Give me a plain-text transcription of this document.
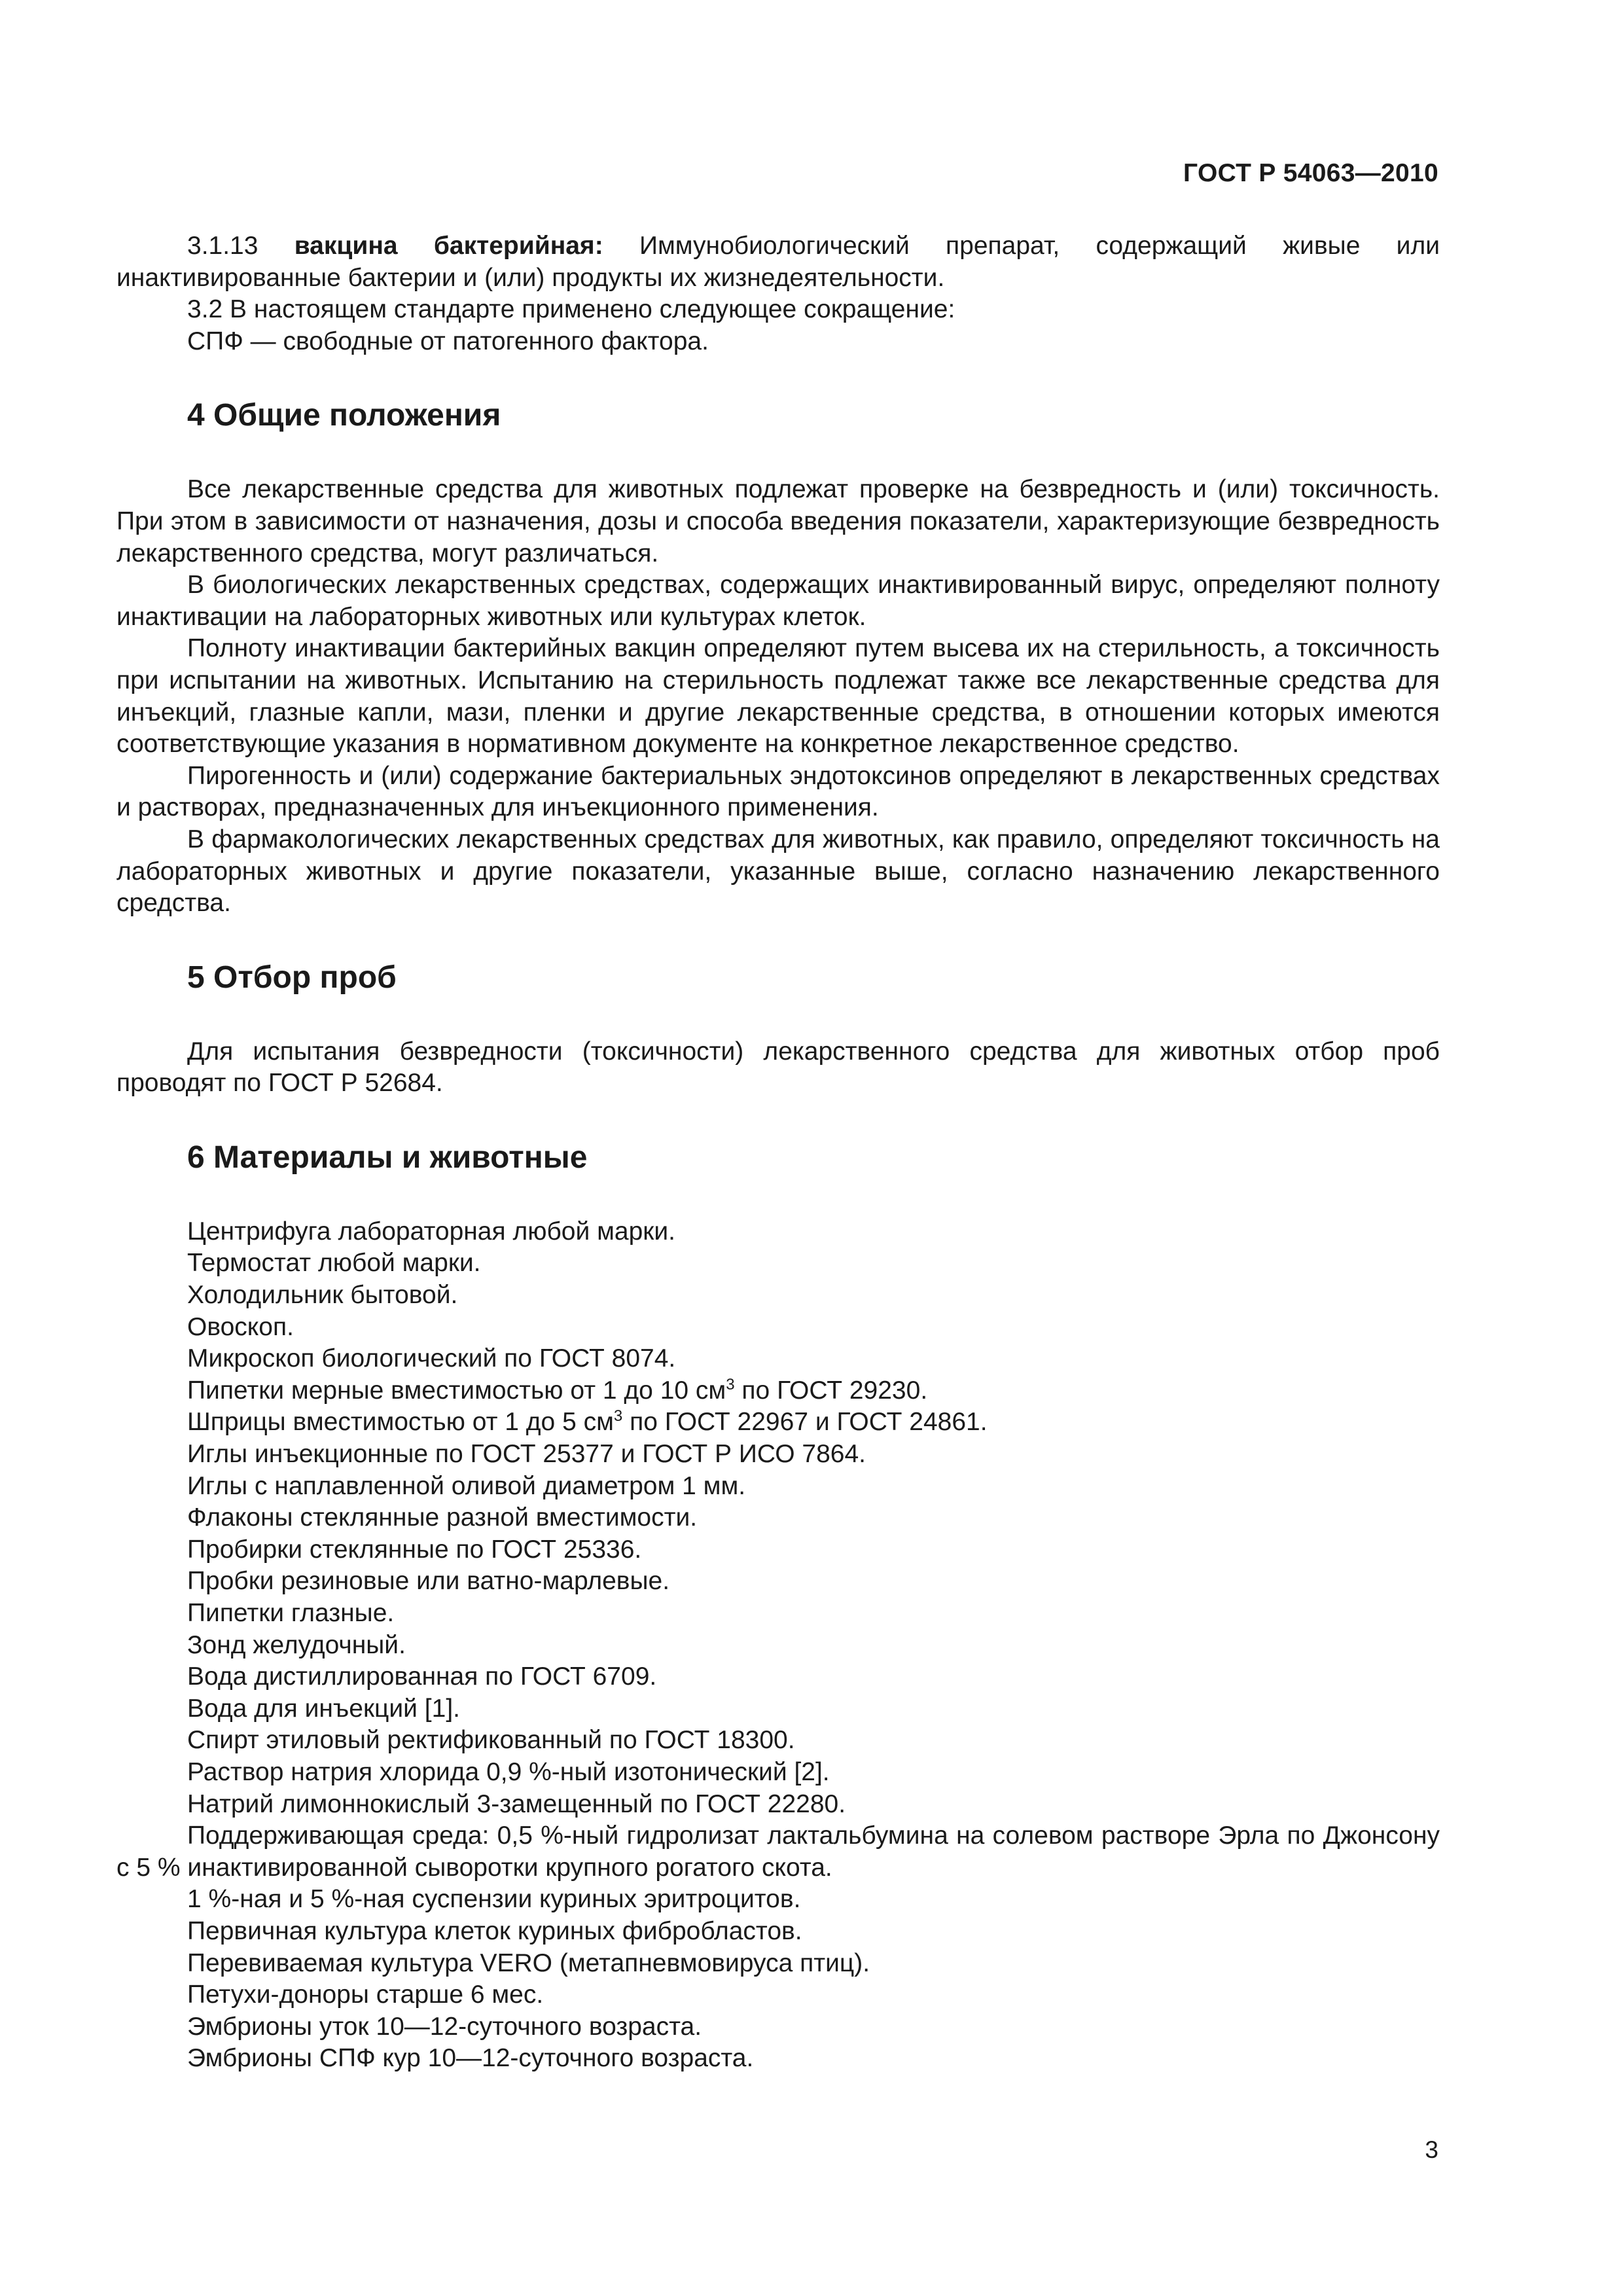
ГОСТ Р 54063—2010

3.1.13 вакцина бактерийная: Иммунобиологический препарат, содержащий живые или инактивированные бактерии и (или) продукты их жизнедеятельности.

3.2 В настоящем стандарте применено следующее сокращение:

СПФ — свободные от патогенного фактора.

4 Общие положения

Все лекарственные средства для животных подлежат проверке на безвредность и (или) токсичность. При этом в зависимости от назначения, дозы и способа введения показатели, характеризующие безвредность лекарственного средства, могут различаться.

В биологических лекарственных средствах, содержащих инактивированный вирус, определяют полноту инактивации на лабораторных животных или культурах клеток.

Полноту инактивации бактерийных вакцин определяют путем высева их на стерильность, а токсичность при испытании на животных. Испытанию на стерильность подлежат также все лекарственные средства для инъекций, глазные капли, мази, пленки и другие лекарственные средства, в отношении которых имеются соответствующие указания в нормативном документе на конкретное лекарственное средство.

Пирогенность и (или) содержание бактериальных эндотоксинов определяют в лекарственных средствах и растворах, предназначенных для инъекционного применения.

В фармакологических лекарственных средствах для животных, как правило, определяют токсичность на лабораторных животных и другие показатели, указанные выше, согласно назначению лекарственного средства.

5 Отбор проб

Для испытания безвредности (токсичности) лекарственного средства для животных отбор проб проводят по ГОСТ Р 52684.

6 Материалы и животные

Центрифуга лабораторная любой марки.

Термостат любой марки.

Холодильник бытовой.

Овоскоп.

Микроскоп биологический по ГОСТ 8074.

Пипетки мерные вместимостью от 1 до 10 $см^3$ по ГОСТ 29230.

Шприцы вместимостью от 1 до 5 $см^3$ по ГОСТ 22967 и ГОСТ 24861.

Иглы инъекционные по ГОСТ 25377 и ГОСТ Р ИСО 7864.

Иглы с наплавленной оливой диаметром 1 мм.

Флаконы стеклянные разной вместимости.

Пробирки стеклянные по ГОСТ 25336.

Пробки резиновые или ватно-марлевые.

Пипетки глазные.

Зонд желудочный.

Вода дистиллированная по ГОСТ 6709.

Вода для инъекций [1].

Спирт этиловый ректификованный по ГОСТ 18300.

Раствор натрия хлорида 0,9 %-ный изотонический [2].

Натрий лимоннокислый 3-замещенный по ГОСТ 22280.

Поддерживающая среда: 0,5 %-ный гидролизат лактальбумина на солевом растворе Эрла по Джонсону с 5 % инактивированной сыворотки крупного рогатого скота.

1 %-ная и 5 %-ная суспензии куриных эритроцитов.

Первичная культура клеток куриных фибробластов.

Перевиваемая культура VERO (метапневмовируса птиц).

Петухи-доноры старше 6 мес.

Эмбрионы уток 10—12-суточного возраста.

Эмбрионы СПФ кур 10—12-суточного возраста.

3
